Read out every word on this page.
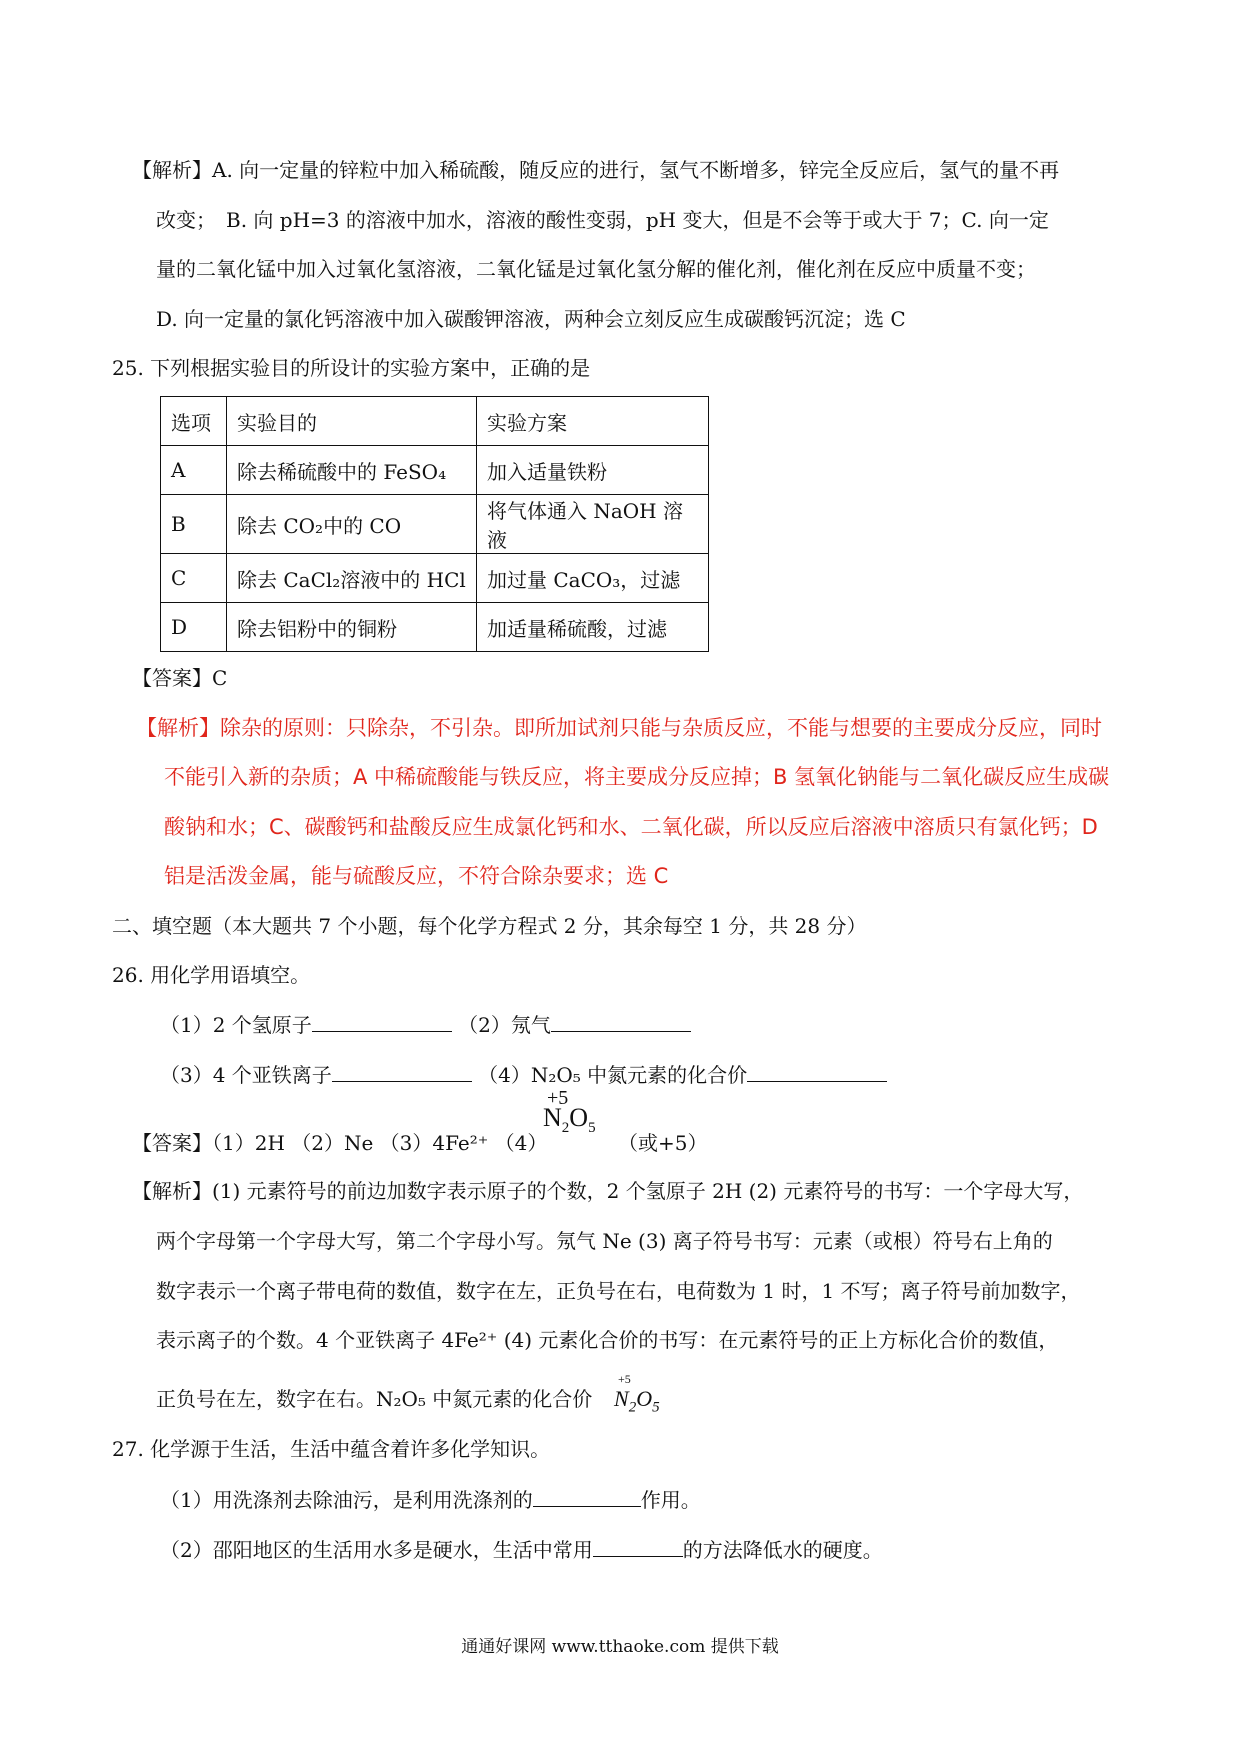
【解析】A. 向一定量的锌粒中加入稀硫酸，随反应的进行，氢气不断增多，锌完全反应后，氢气的量不再
改变；　B. 向 pH=3 的溶液中加水，溶液的酸性变弱，pH 变大，但是不会等于或大于 7；C. 向一定
量的二氧化锰中加入过氧化氢溶液，二氧化锰是过氧化氢分解的催化剂，催化剂在反应中质量不变；
D. 向一定量的氯化钙溶液中加入碳酸钾溶液，两种会立刻反应生成碳酸钙沉淀；选 C
25. 下列根据实验目的所设计的实验方案中，正确的是
选项	实验目的	实验方案
A	除去稀硫酸中的 FeSO₄	加入适量铁粉
B	除去 CO₂中的 CO	将气体通入 NaOH 溶液
C	除去 CaCl₂溶液中的 HCl	加过量 CaCO₃，过滤
D	除去铝粉中的铜粉	加适量稀硫酸，过滤
【答案】C
【解析】除杂的原则：只除杂，不引杂。即所加试剂只能与杂质反应，不能与想要的主要成分反应，同时
不能引入新的杂质；A 中稀硫酸能与铁反应，将主要成分反应掉；B 氢氧化钠能与二氧化碳反应生成碳
酸钠和水；C、碳酸钙和盐酸反应生成氯化钙和水、二氧化碳，所以反应后溶液中溶质只有氯化钙；D
铝是活泼金属，能与硫酸反应，不符合除杂要求；选 C
二、填空题（本大题共 7 个小题，每个化学方程式 2 分，其余每空 1 分，共 28 分）
26. 用化学用语填空。
（1）2 个氢原子	（2）氖气
（3）4 个亚铁离子	（4）N₂O₅ 中氮元素的化合价
【答案】（1）2H （2）Ne （3）4Fe²⁺ （4）
+5
$N_2O_5$
（或+5）
【解析】(1) 元素符号的前边加数字表示原子的个数，2 个氢原子 2H (2) 元素符号的书写：一个字母大写，
两个字母第一个字母大写，第二个字母小写。氖气 Ne (3) 离子符号书写：元素（或根）符号右上角的
数字表示一个离子带电荷的数值，数字在左，正负号在右，电荷数为 1 时，1 不写；离子符号前加数字，
表示离子的个数。4 个亚铁离子 4Fe²⁺ (4) 元素化合价的书写：在元素符号的正上方标化合价的数值，
正负号在左，数字在右。N₂O₅ 中氮元素的化合价
+5
$N_2O_5$
27. 化学源于生活，生活中蕴含着许多化学知识。
（1）用洗涤剂去除油污，是利用洗涤剂的	作用。
（2）邵阳地区的生活用水多是硬水，生活中常用	的方法降低水的硬度。
通通好课网 www.tthaoke.com 提供下载
